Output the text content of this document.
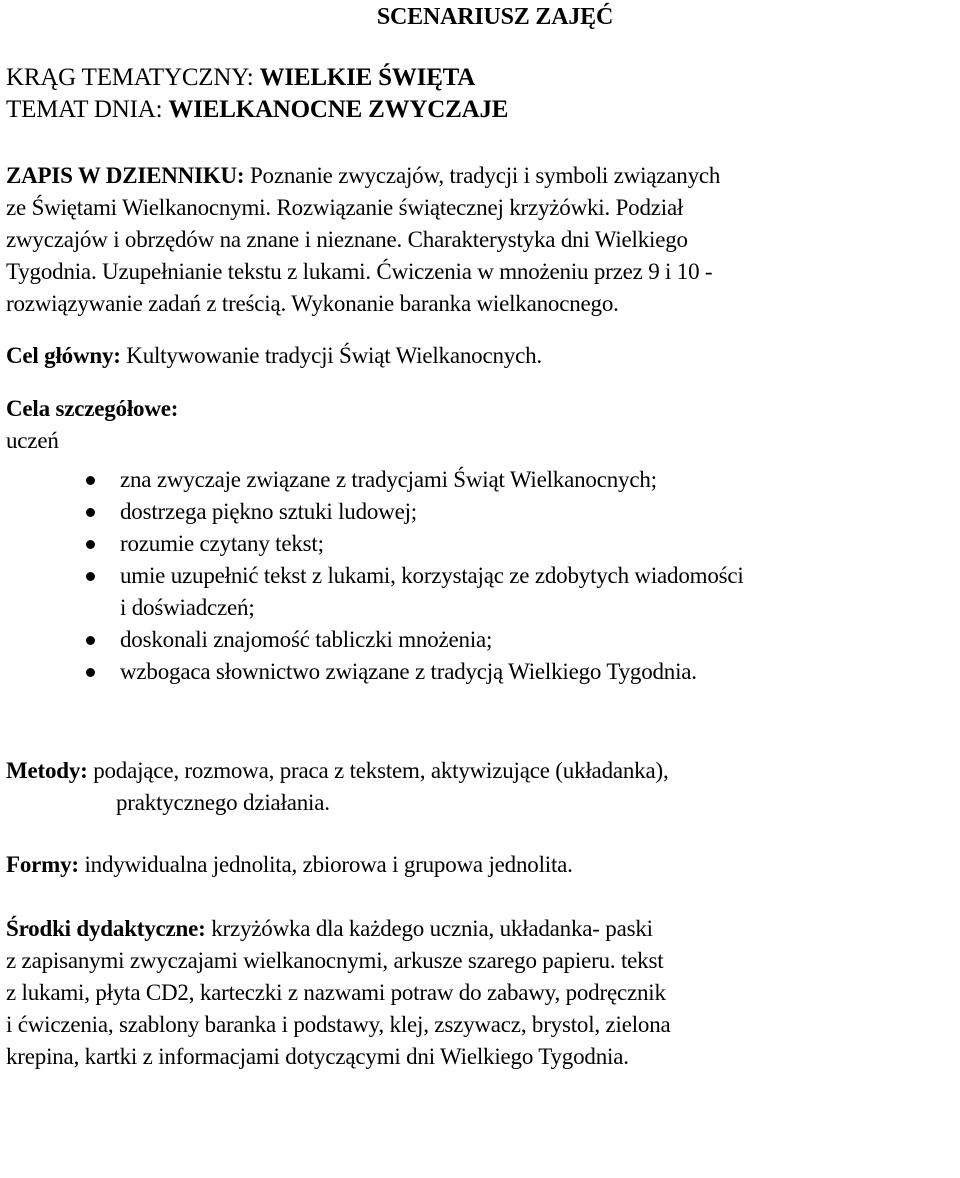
SCENARIUSZ ZAJĘĆ
KRĄG TEMATYCZNY: WIELKIE ŚWIĘTA
TEMAT DNIA: WIELKANOCNE ZWYCZAJE
ZAPIS W DZIENNIKU: Poznanie zwyczajów, tradycji i symboli związanych
ze Świętami Wielkanocnymi. Rozwiązanie świątecznej krzyżówki. Podział
zwyczajów i obrzędów na znane i nieznane. Charakterystyka dni Wielkiego
Tygodnia. Uzupełnianie tekstu z lukami. Ćwiczenia w mnożeniu przez 9 i 10 -
rozwiązywanie zadań z treścią. Wykonanie baranka wielkanocnego.
Cel główny: Kultywowanie tradycji Świąt Wielkanocnych.
Cela szczegółowe:
uczeń
zna zwyczaje związane z tradycjami Świąt Wielkanocnych;
dostrzega piękno sztuki ludowej;
rozumie czytany tekst;
umie uzupełnić tekst z lukami, korzystając ze zdobytych wiadomości
i doświadczeń;
doskonali znajomość tabliczki mnożenia;
wzbogaca słownictwo związane z tradycją Wielkiego Tygodnia.
Metody: podające, rozmowa, praca z tekstem, aktywizujące (układanka),
praktycznego działania.
Formy: indywidualna jednolita, zbiorowa i grupowa jednolita.
Środki dydaktyczne: krzyżówka dla każdego ucznia, układanka- paski
z zapisanymi zwyczajami wielkanocnymi, arkusze szarego papieru. tekst
z lukami, płyta CD2, karteczki z nazwami potraw do zabawy, podręcznik
i ćwiczenia, szablony baranka i podstawy, klej, zszywacz, brystol, zielona
krepina, kartki z informacjami dotyczącymi dni Wielkiego Tygodnia.
